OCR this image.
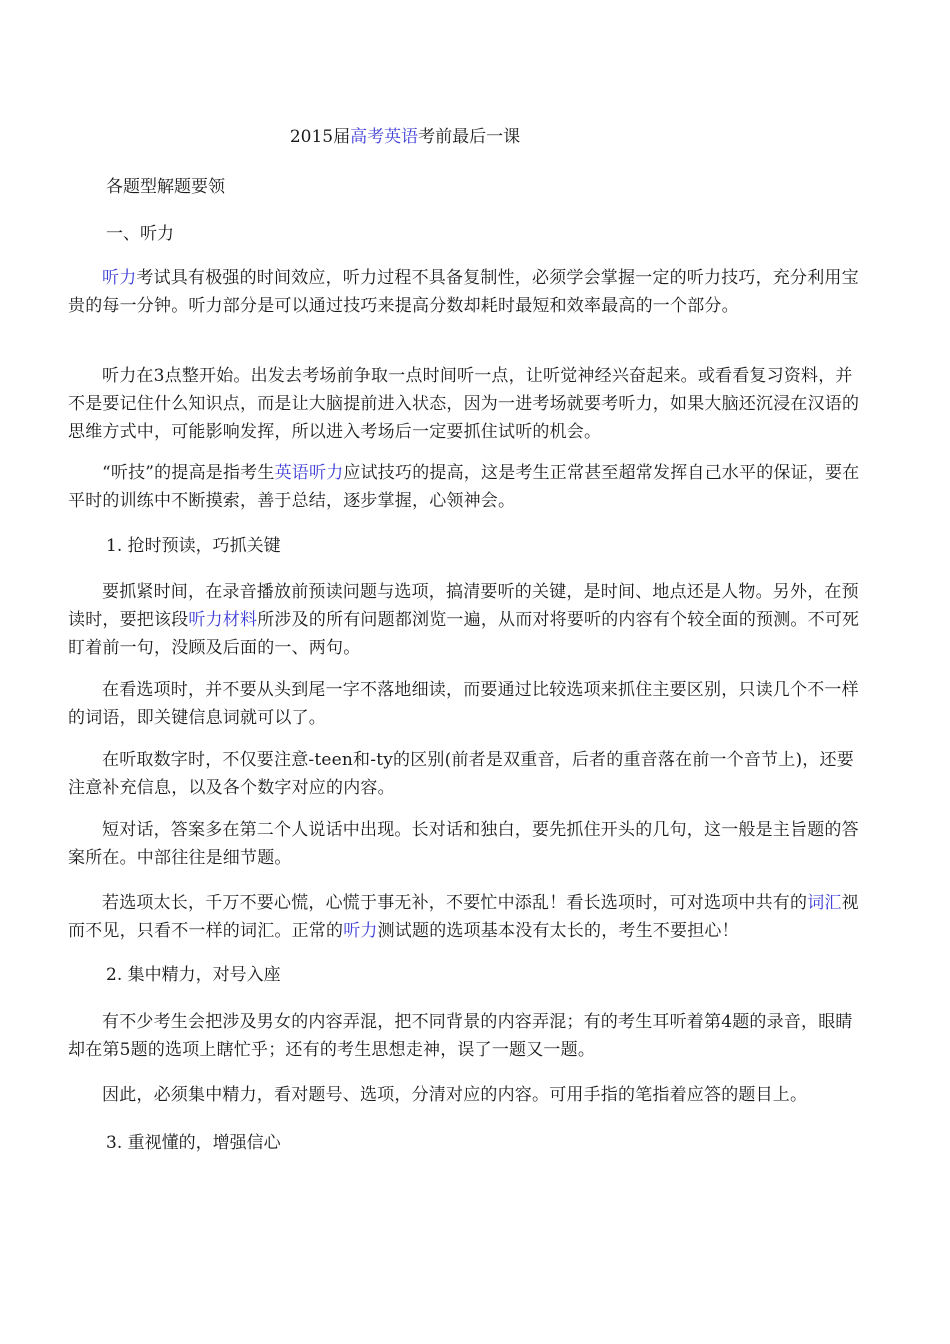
2015届高考英语考前最后一课
各题型解题要领
一、听力

听力考试具有极强的时间效应，听力过程不具备复制性，必须学会掌握一定的听力技巧，充分利用宝贵的每一分钟。听力部分是可以通过技巧来提高分数却耗时最短和效率最高的一个部分。

听力在3点整开始。出发去考场前争取一点时间听一点，让听觉神经兴奋起来。或看看复习资料，并不是要记住什么知识点，而是让大脑提前进入状态，因为一进考场就要考听力，如果大脑还沉浸在汉语的思维方式中，可能影响发挥，所以进入考场后一定要抓住试听的机会。

“听技”的提高是指考生英语听力应试技巧的提高，这是考生正常甚至超常发挥自己水平的保证，要在平时的训练中不断摸索，善于总结，逐步掌握，心领神会。

1. 抢时预读，巧抓关键

要抓紧时间，在录音播放前预读问题与选项，搞清要听的关键，是时间、地点还是人物。另外，在预读时，要把该段听力材料所涉及的所有问题都浏览一遍，从而对将要听的内容有个较全面的预测。不可死盯着前一句，没顾及后面的一、两句。

在看选项时，并不要从头到尾一字不落地细读，而要通过比较选项来抓住主要区别，只读几个不一样的词语，即关键信息词就可以了。

在听取数字时，不仅要注意-teen和-ty的区别(前者是双重音，后者的重音落在前一个音节上)，还要注意补充信息，以及各个数字对应的内容。

短对话，答案多在第二个人说话中出现。长对话和独白，要先抓住开头的几句，这一般是主旨题的答案所在。中部往往是细节题。

若选项太长，千万不要心慌，心慌于事无补，不要忙中添乱！看长选项时，可对选项中共有的词汇视而不见，只看不一样的词汇。正常的听力测试题的选项基本没有太长的，考生不要担心！

2. 集中精力，对号入座

有不少考生会把涉及男女的内容弄混，把不同背景的内容弄混；有的考生耳听着第4题的录音，眼睛却在第5题的选项上瞎忙乎；还有的考生思想走神，误了一题又一题。

因此，必须集中精力，看对题号、选项，分清对应的内容。可用手指的笔指着应答的题目上。

3. 重视懂的，增强信心
